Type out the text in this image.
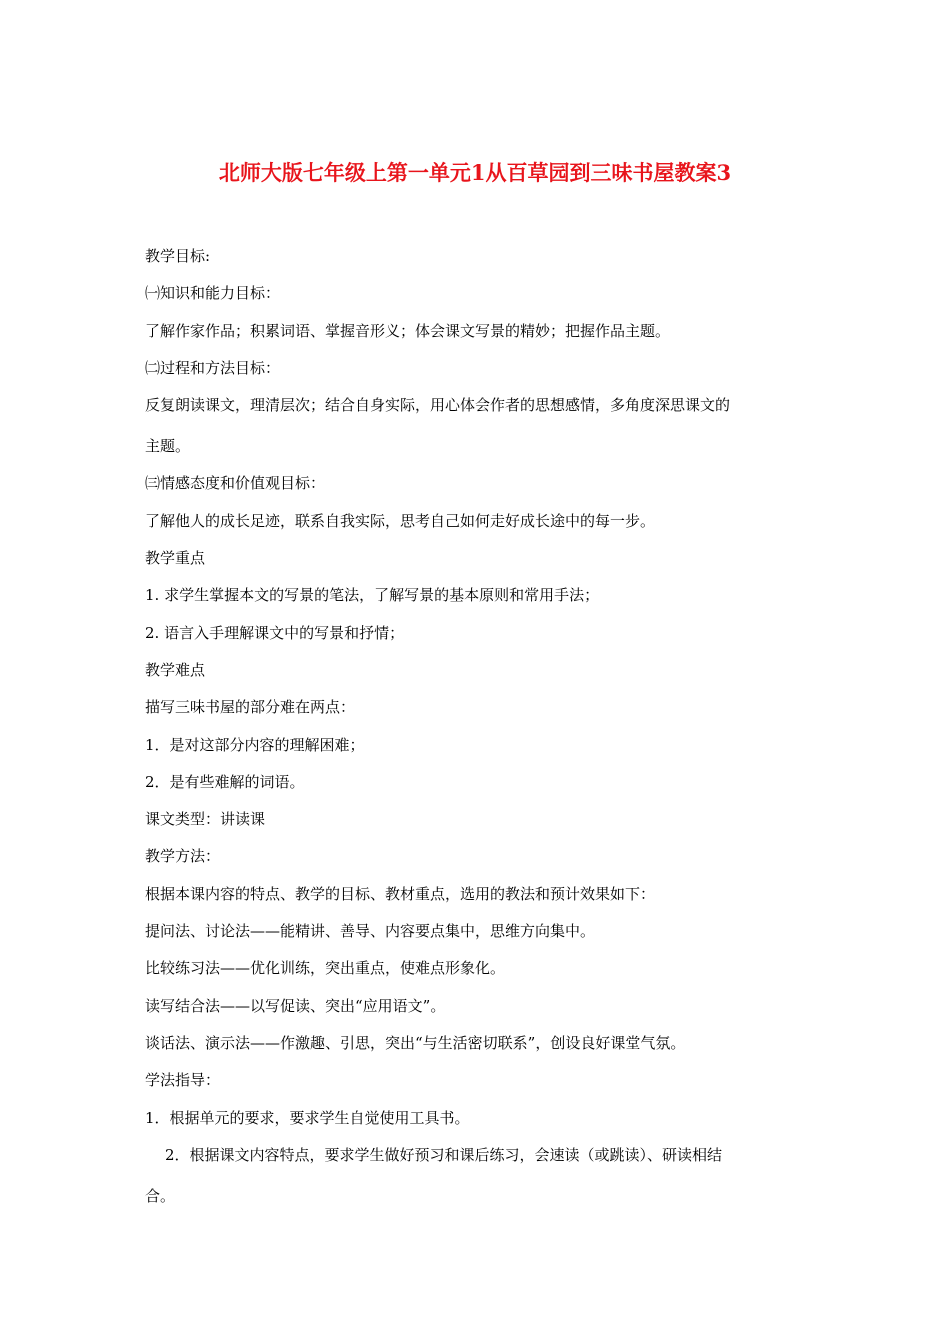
北师大版七年级上第一单元1从百草园到三味书屋教案3
教学目标:
㈠知识和能力目标：
了解作家作品；积累词语、掌握音形义；体会课文写景的精妙；把握作品主题。
㈡过程和方法目标：
反复朗读课文，理清层次；结合自身实际，用心体会作者的思想感情，多角度深思课文的
主题。
㈢情感态度和价值观目标：
了解他人的成长足迹，联系自我实际，思考自己如何走好成长途中的每一步。
教学重点
1. 求学生掌握本文的写景的笔法，了解写景的基本原则和常用手法；
2. 语言入手理解课文中的写景和抒情；
教学难点
描写三味书屋的部分难在两点：
1．是对这部分内容的理解困难；
2．是有些难解的词语。
课文类型：讲读课
教学方法：
根据本课内容的特点、教学的目标、教材重点，选用的教法和预计效果如下：
提问法、讨论法——能精讲、善导、内容要点集中，思维方向集中。
比较练习法——优化训练，突出重点，使难点形象化。
读写结合法——以写促读、突出“应用语文”。
谈话法、演示法——作激趣、引思，突出“与生活密切联系”，创设良好课堂气氛。
学法指导：
1．根据单元的要求，要求学生自觉使用工具书。
2．根据课文内容特点，要求学生做好预习和课后练习，会速读（或跳读）、研读相结
合。
